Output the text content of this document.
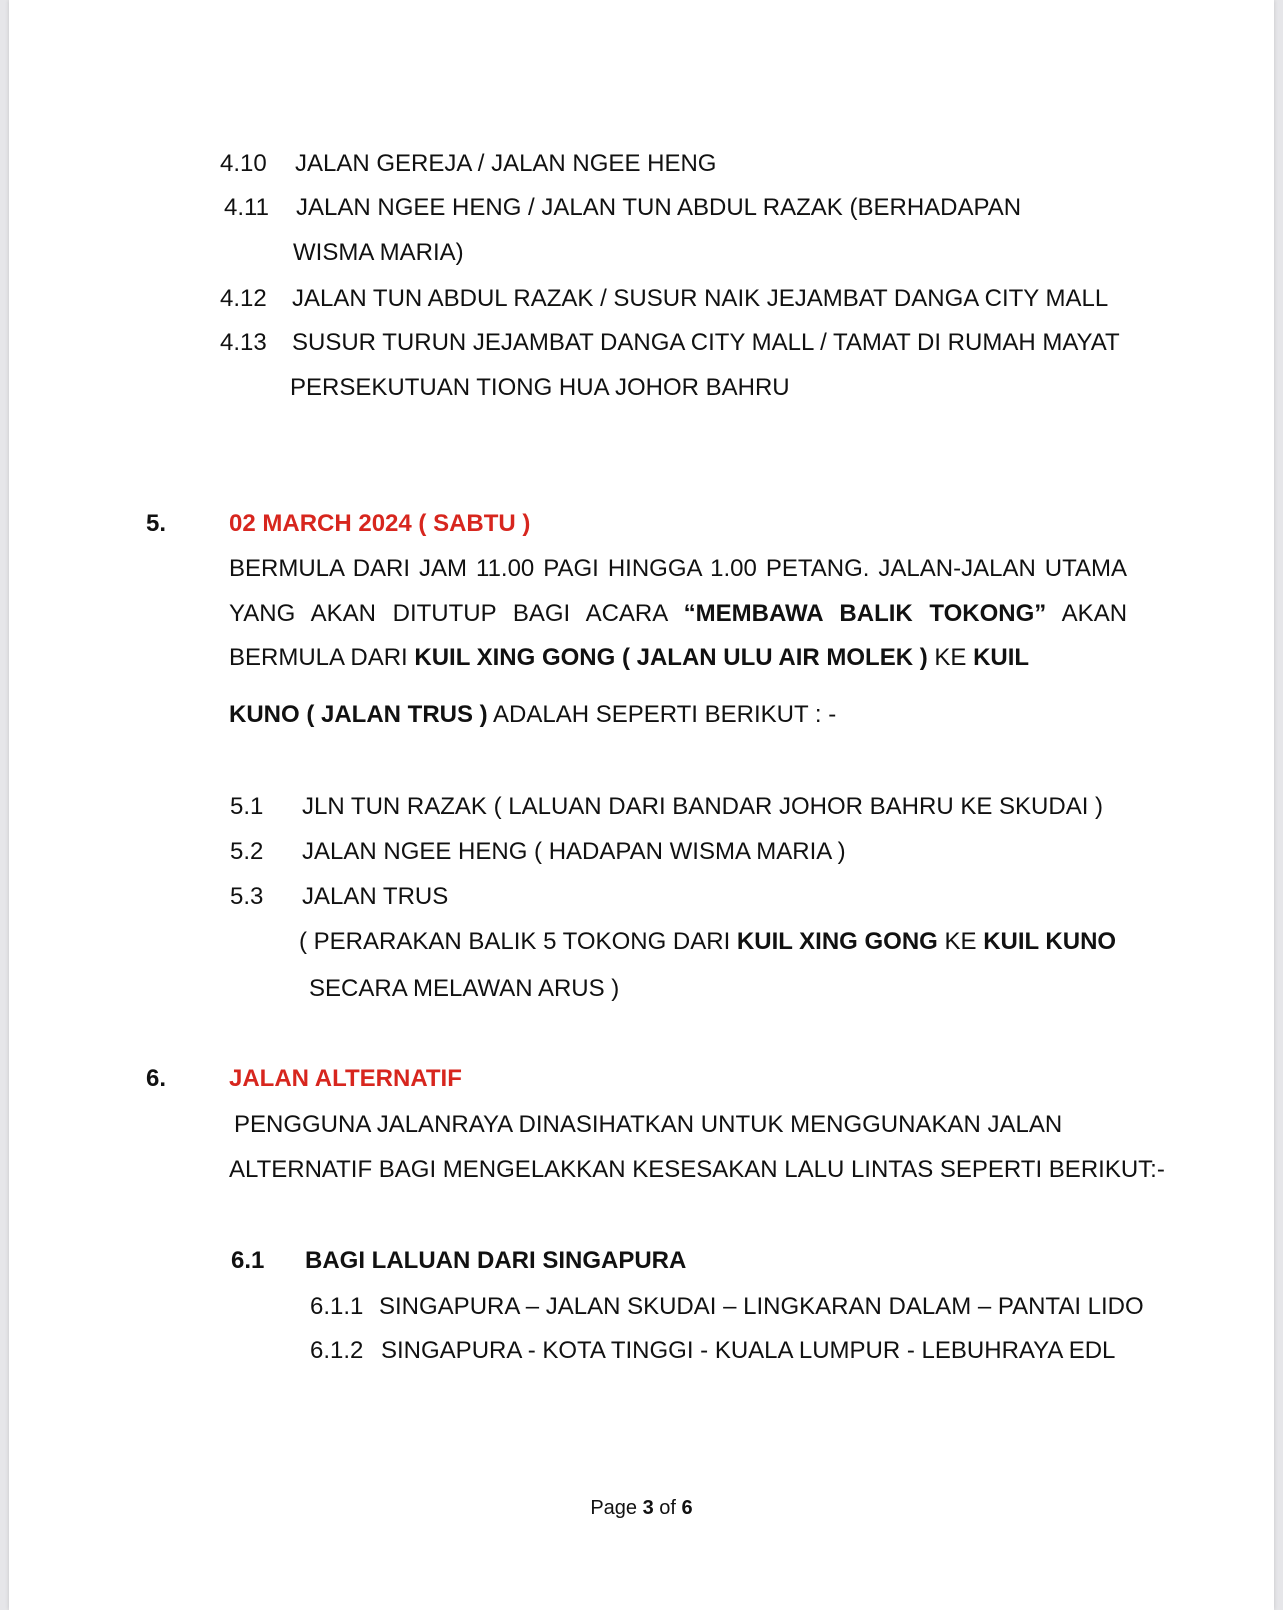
4.10 JALAN GEREJA / JALAN NGEE HENG
4.11 JALAN NGEE HENG / JALAN TUN ABDUL RAZAK (BERHADAPAN
WISMA MARIA)
4.12 JALAN TUN ABDUL RAZAK / SUSUR NAIK JEJAMBAT DANGA CITY MALL
4.13 SUSUR TURUN JEJAMBAT DANGA CITY MALL / TAMAT DI RUMAH MAYAT
PERSEKUTUAN TIONG HUA JOHOR BAHRU
5.	02 MARCH 2024 ( SABTU )
BERMULA DARI JAM 11.00 PAGI HINGGA 1.00 PETANG. JALAN-JALAN UTAMA
YANG AKAN DITUTUP BAGI ACARA “MEMBAWA BALIK TOKONG” AKAN
BERMULA DARI KUIL XING GONG ( JALAN ULU AIR MOLEK ) KE KUIL
KUNO ( JALAN TRUS ) ADALAH SEPERTI BERIKUT : -
5.1 JLN TUN RAZAK ( LALUAN DARI BANDAR JOHOR BAHRU KE SKUDAI )
5.2 JALAN NGEE HENG ( HADAPAN WISMA MARIA )
5.3 JALAN TRUS
( PERARAKAN BALIK 5 TOKONG DARI KUIL XING GONG KE KUIL KUNO
SECARA MELAWAN ARUS )
6.	JALAN ALTERNATIF
PENGGUNA JALANRAYA DINASIHATKAN UNTUK MENGGUNAKAN JALAN
ALTERNATIF BAGI MENGELAKKAN KESESAKAN LALU LINTAS SEPERTI BERIKUT:-
6.1 BAGI LALUAN DARI SINGAPURA
6.1.1 SINGAPURA – JALAN SKUDAI – LINGKARAN DALAM – PANTAI LIDO
6.1.2 SINGAPURA - KOTA TINGGI - KUALA LUMPUR - LEBUHRAYA EDL
Page 3 of 6
